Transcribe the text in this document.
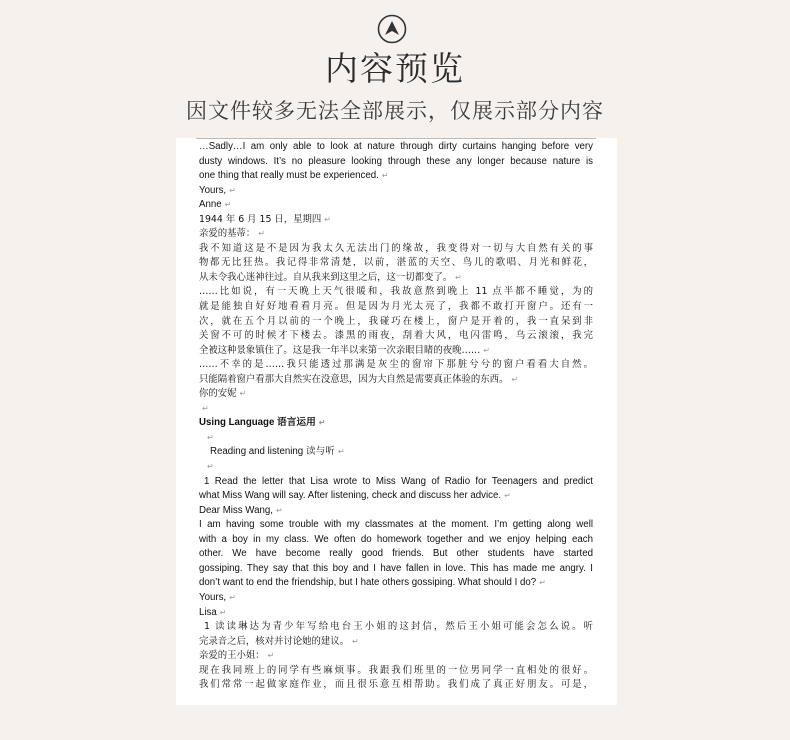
内容预览
因文件较多无法全部展示，仅展示部分内容
…Sadly…I am only able to look at nature through dirty curtains hanging before very
dusty windows. It’s no pleasure looking through these any longer because nature is
one thing that really must be experienced. ↵
Yours, ↵
Anne ↵
1944 年 6 月 15 日，星期四 ↵
亲爱的基蒂： ↵
我不知道这是不是因为我太久无法出门的缘故，我变得对一切与大自然有关的事
物都无比狂热。我记得非常清楚，以前，湛蓝的天空、鸟儿的歌唱、月光和鲜花，
从未令我心迷神往过。自从我来到这里之后，这一切都变了。 ↵
……比如说，有一天晚上天气很暖和，我故意熬到晚上 11 点半都不睡觉，为的
就是能独自好好地看看月亮。但是因为月光太亮了，我都不敢打开窗户。还有一
次，就在五个月以前的一个晚上，我碰巧在楼上，窗户是开着的，我一直呆到非
关窗不可的时候才下楼去。漆黑的雨夜，刮着大风，电闪雷鸣，乌云滚滚，我完
全被这种景象镇住了。这是我一年半以来第一次亲眼目睹的夜晚…… ↵
……不幸的是……我只能透过那满是灰尘的窗帘下那脏兮兮的窗户看看大自然。
只能隔着窗户看那大自然实在没意思，因为大自然是需要真正体验的东西。 ↵
你的安妮 ↵
↵
Using Language 语言运用 ↵
↵
Reading and listening 读与听 ↵
↵
1 Read the letter that Lisa wrote to Miss Wang of Radio for Teenagers and predict
what Miss Wang will say. After listening, check and discuss her advice. ↵
Dear Miss Wang, ↵
I am having some trouble with my classmates at the moment. I’m getting along well
with a boy in my class. We often do homework together and we enjoy helping each
other. We have become really good friends. But other students have started
gossiping. They say that this boy and I have fallen in love. This has made me angry. I
don’t want to end the friendship, but I hate others gossiping. What should I do? ↵
Yours, ↵
Lisa ↵
1 读读琳达为青少年写给电台王小姐的这封信，然后王小姐可能会怎么说。听
完录音之后，核对并讨论她的建议。 ↵
亲爱的王小姐： ↵
现在我同班上的同学有些麻烦事。我跟我们班里的一位男同学一直相处的很好。
我们常常一起做家庭作业，而且很乐意互相帮助。我们成了真正好朋友。可是，
